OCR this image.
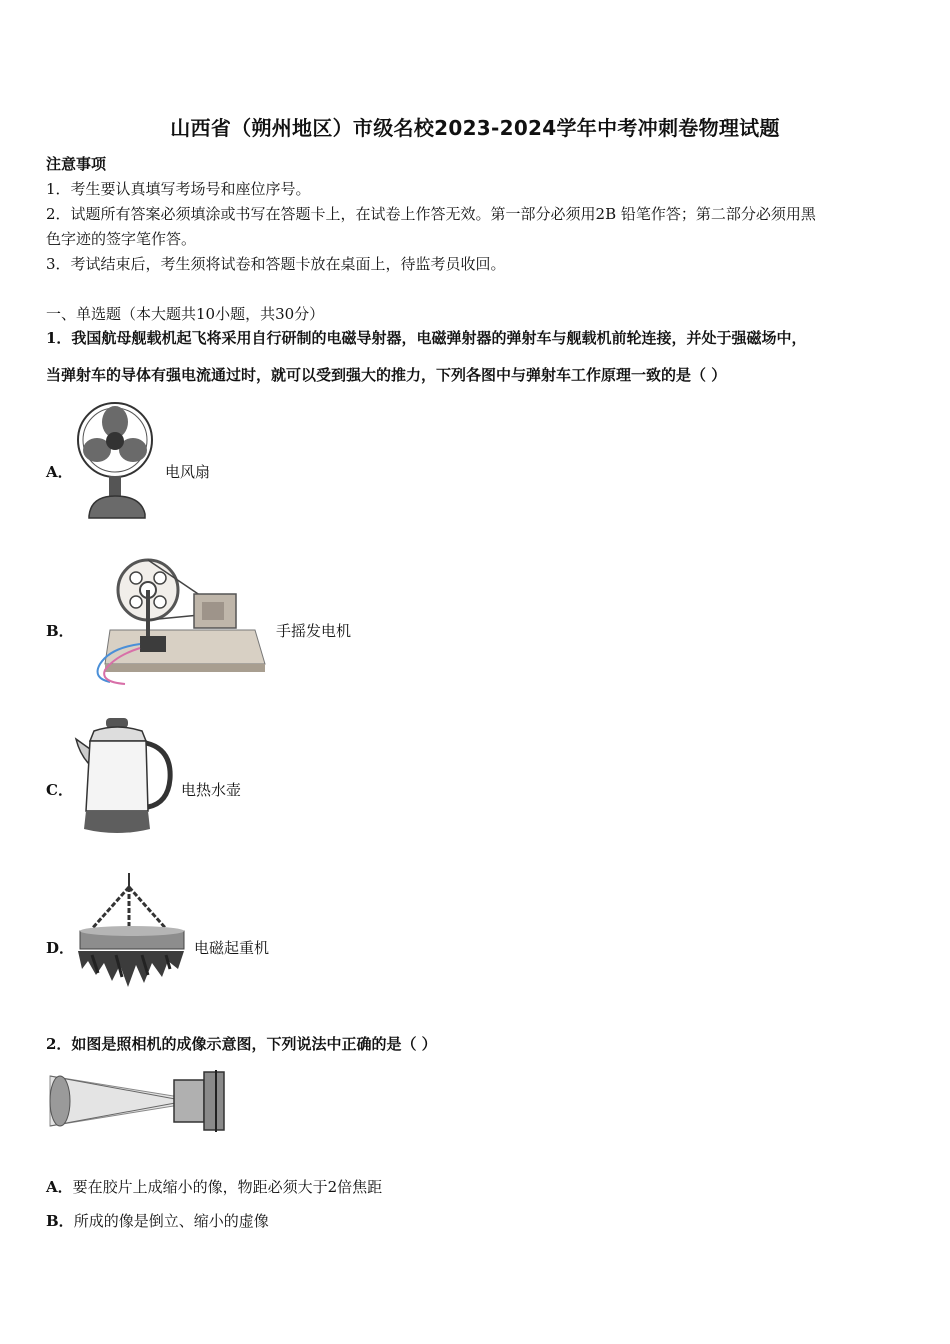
山西省（朔州地区）市级名校2023-2024学年中考冲刺卷物理试题
注意事项
1．考生要认真填写考场号和座位序号。
2．试题所有答案必须填涂或书写在答题卡上，在试卷上作答无效。第一部分必须用2B 铅笔作答；第二部分必须用黑
色字迹的签字笔作答。
3．考试结束后，考生须将试卷和答题卡放在桌面上，待监考员收回。
一、单选题（本大题共10小题，共30分）
1．我国航母舰载机起飞将采用自行研制的电磁导射器，电磁弹射器的弹射车与舰载机前轮连接，并处于强磁场中，
当弹射车的导体有强电流通过时，就可以受到强大的推力，下列各图中与弹射车工作原理一致的是（ ）
A．	电风扇
B．	手摇发电机
C．	电热水壶
D．	电磁起重机
2．如图是照相机的成像示意图，下列说法中正确的是（ ）
A．要在胶片上成缩小的像，物距必须大于2倍焦距
B．所成的像是倒立、缩小的虚像
